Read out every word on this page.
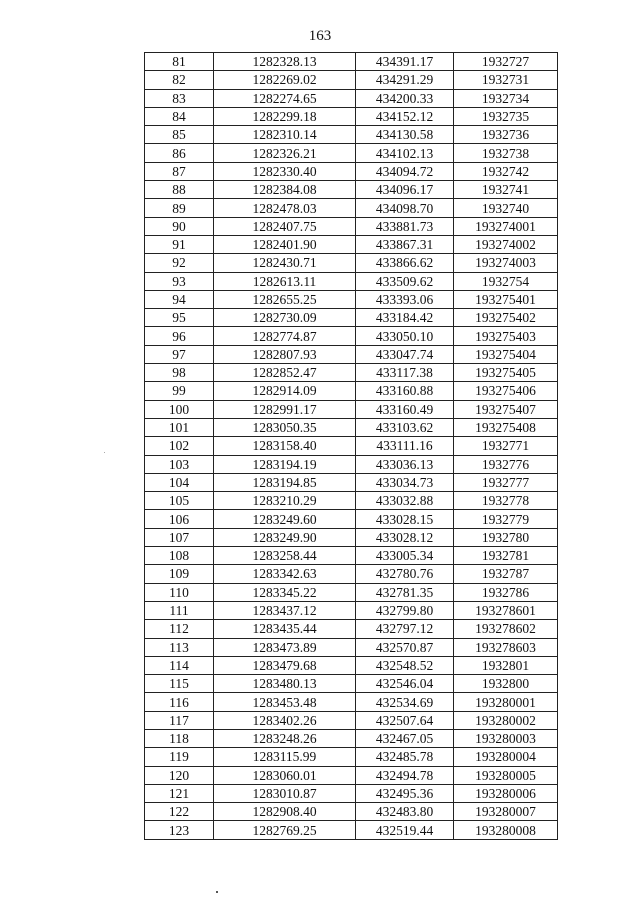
163
81	1282328.13	434391.17	1932727
82	1282269.02	434291.29	1932731
83	1282274.65	434200.33	1932734
84	1282299.18	434152.12	1932735
85	1282310.14	434130.58	1932736
86	1282326.21	434102.13	1932738
87	1282330.40	434094.72	1932742
88	1282384.08	434096.17	1932741
89	1282478.03	434098.70	1932740
90	1282407.75	433881.73	193274001
91	1282401.90	433867.31	193274002
92	1282430.71	433866.62	193274003
93	1282613.11	433509.62	1932754
94	1282655.25	433393.06	193275401
95	1282730.09	433184.42	193275402
96	1282774.87	433050.10	193275403
97	1282807.93	433047.74	193275404
98	1282852.47	433117.38	193275405
99	1282914.09	433160.88	193275406
100	1282991.17	433160.49	193275407
101	1283050.35	433103.62	193275408
102	1283158.40	433111.16	1932771
103	1283194.19	433036.13	1932776
104	1283194.85	433034.73	1932777
105	1283210.29	433032.88	1932778
106	1283249.60	433028.15	1932779
107	1283249.90	433028.12	1932780
108	1283258.44	433005.34	1932781
109	1283342.63	432780.76	1932787
110	1283345.22	432781.35	1932786
111	1283437.12	432799.80	193278601
112	1283435.44	432797.12	193278602
113	1283473.89	432570.87	193278603
114	1283479.68	432548.52	1932801
115	1283480.13	432546.04	1932800
116	1283453.48	432534.69	193280001
117	1283402.26	432507.64	193280002
118	1283248.26	432467.05	193280003
119	1283115.99	432485.78	193280004
120	1283060.01	432494.78	193280005
121	1283010.87	432495.36	193280006
122	1282908.40	432483.80	193280007
123	1282769.25	432519.44	193280008
